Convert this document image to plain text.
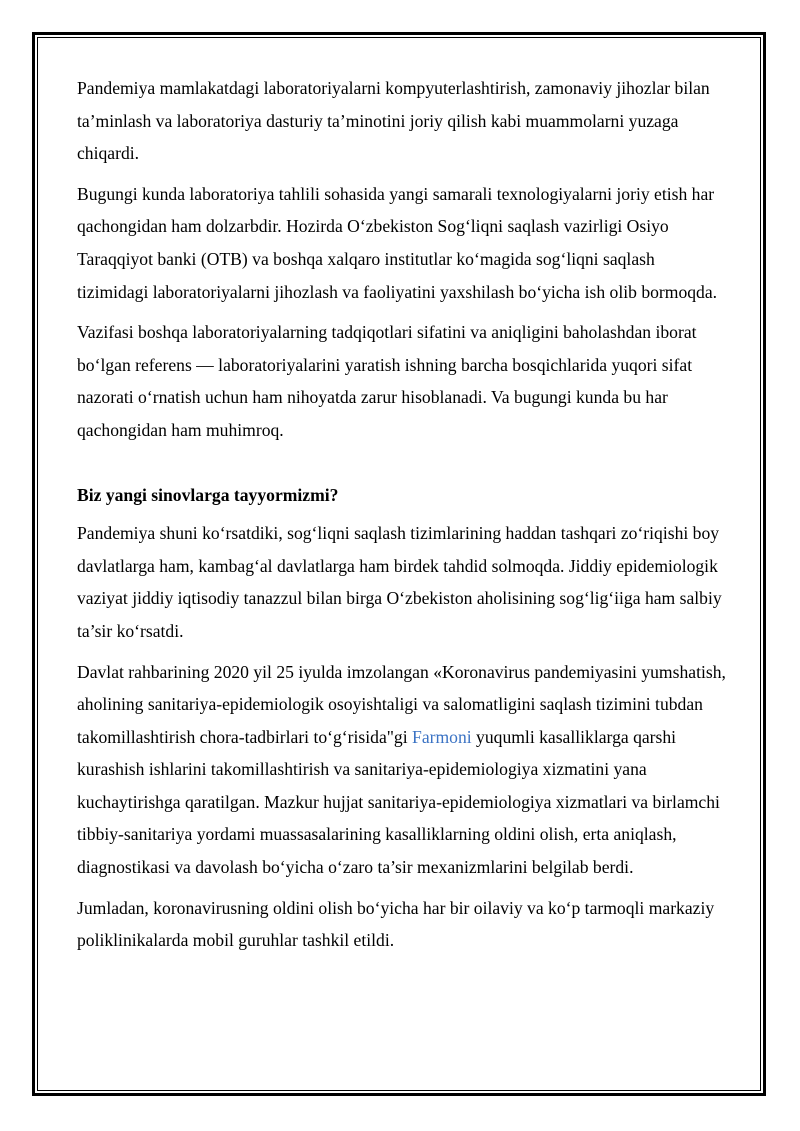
Pandemiya mamlakatdagi laboratoriyalarni kompyuterlashtirish, zamonaviy jihozlar bilan ta’minlash va laboratoriya dasturiy ta’minotini joriy qilish kabi muammolarni yuzaga chiqardi.

Bugungi kunda laboratoriya tahlili sohasida yangi samarali texnologiyalarni joriy etish har qachongidan ham dolzarbdir. Hozirda O‘zbekiston Sog‘liqni saqlash vazirligi Osiyo Taraqqiyot banki (OTB) va boshqa xalqaro institutlar ko‘magida sog‘liqni saqlash tizimidagi laboratoriyalarni jihozlash va faoliyatini yaxshilash bo‘yicha ish olib bormoqda.

Vazifasi boshqa laboratoriyalarning tadqiqotlari sifatini va aniqligini baholashdan iborat bo‘lgan referens — laboratoriyalarini yaratish ishning barcha bosqichlarida yuqori sifat nazorati o‘rnatish uchun ham nihoyatda zarur hisoblanadi. Va bugungi kunda bu har qachongidan ham muhimroq.

Biz yangi sinovlarga tayyormizmi?

Pandemiya shuni ko‘rsatdiki, sog‘liqni saqlash tizimlarining haddan tashqari zo‘riqishi boy davlatlarga ham, kambag‘al davlatlarga ham birdek tahdid solmoqda. Jiddiy epidemiologik vaziyat jiddiy iqtisodiy tanazzul bilan birga O‘zbekiston aholisining sog‘lig‘iiga ham salbiy ta’sir ko‘rsatdi.

Davlat rahbarining 2020 yil 25 iyulda imzolangan «Koronavirus pandemiyasini yumshatish, aholining sanitariya-epidemiologik osoyishtaligi va salomatligini saqlash tizimini tubdan takomillashtirish chora-tadbirlari to‘g‘risida"gi Farmoni yuqumli kasalliklarga qarshi kurashish ishlarini takomillashtirish va sanitariya-epidemiologiya xizmatini yana kuchaytirishga qaratilgan. Mazkur hujjat sanitariya-epidemiologiya xizmatlari va birlamchi tibbiy-sanitariya yordami muassasalarining kasalliklarning oldini olish, erta aniqlash, diagnostikasi va davolash bo‘yicha o‘zaro ta’sir mexanizmlarini belgilab berdi.

Jumladan, koronavirusning oldini olish bo‘yicha har bir oilaviy va ko‘p tarmoqli markaziy poliklinikalarda mobil guruhlar tashkil etildi.
